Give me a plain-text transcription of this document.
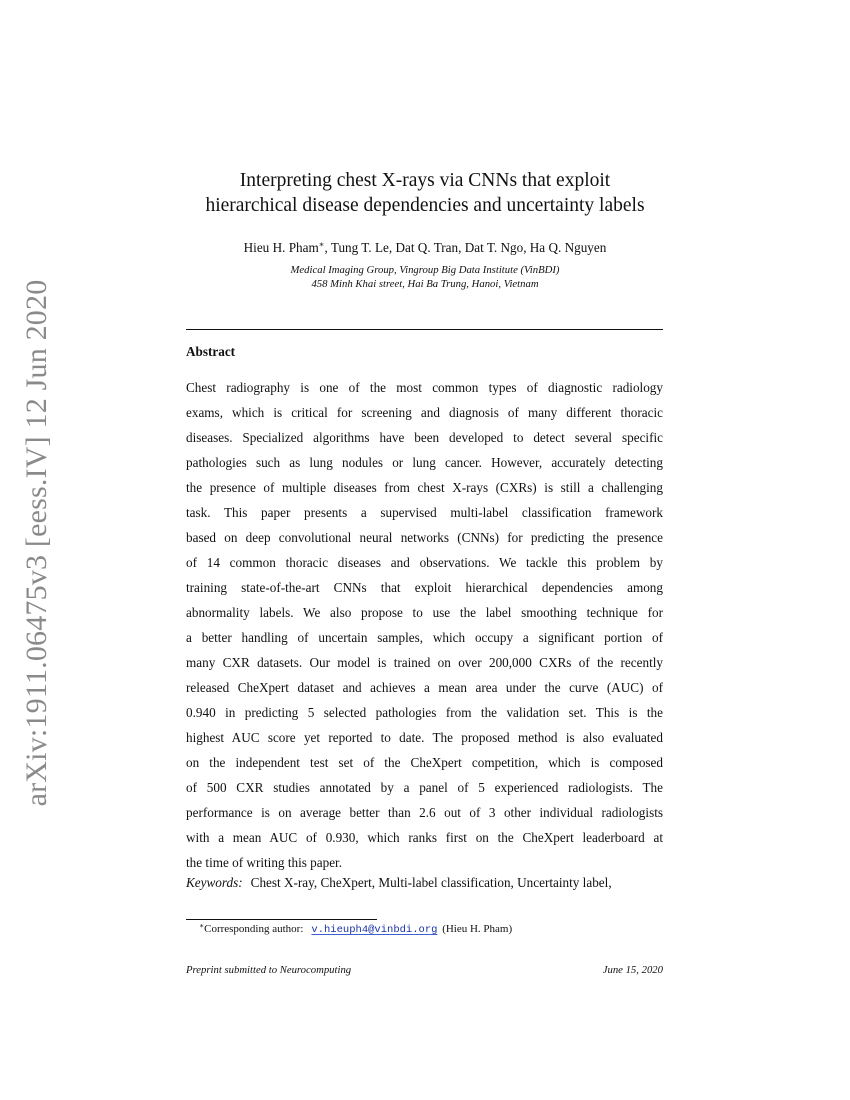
arXiv:1911.06475v3 [eess.IV] 12 Jun 2020
Interpreting chest X-rays via CNNs that exploit
hierarchical disease dependencies and uncertainty labels
Hieu H. Pham∗, Tung T. Le, Dat Q. Tran, Dat T. Ngo, Ha Q. Nguyen
Medical Imaging Group, Vingroup Big Data Institute (VinBDI)
458 Minh Khai street, Hai Ba Trung, Hanoi, Vietnam
Abstract
Chest radiography is one of the most common types of diagnostic radiology
exams, which is critical for screening and diagnosis of many different thoracic
diseases. Specialized algorithms have been developed to detect several specific
pathologies such as lung nodules or lung cancer. However, accurately detecting
the presence of multiple diseases from chest X-rays (CXRs) is still a challenging
task. This paper presents a supervised multi-label classification framework
based on deep convolutional neural networks (CNNs) for predicting the presence
of 14 common thoracic diseases and observations. We tackle this problem by
training state-of-the-art CNNs that exploit hierarchical dependencies among
abnormality labels. We also propose to use the label smoothing technique for
a better handling of uncertain samples, which occupy a significant portion of
many CXR datasets. Our model is trained on over 200,000 CXRs of the recently
released CheXpert dataset and achieves a mean area under the curve (AUC) of
0.940 in predicting 5 selected pathologies from the validation set. This is the
highest AUC score yet reported to date. The proposed method is also evaluated
on the independent test set of the CheXpert competition, which is composed
of 500 CXR studies annotated by a panel of 5 experienced radiologists. The
performance is on average better than 2.6 out of 3 other individual radiologists
with a mean AUC of 0.930, which ranks first on the CheXpert leaderboard at
the time of writing this paper.
Keywords: Chest X-ray, CheXpert, Multi-label classification, Uncertainty label,
∗Corresponding author: v.hieuph4@vinbdi.org (Hieu H. Pham)
Preprint submitted to Neurocomputing	June 15, 2020
